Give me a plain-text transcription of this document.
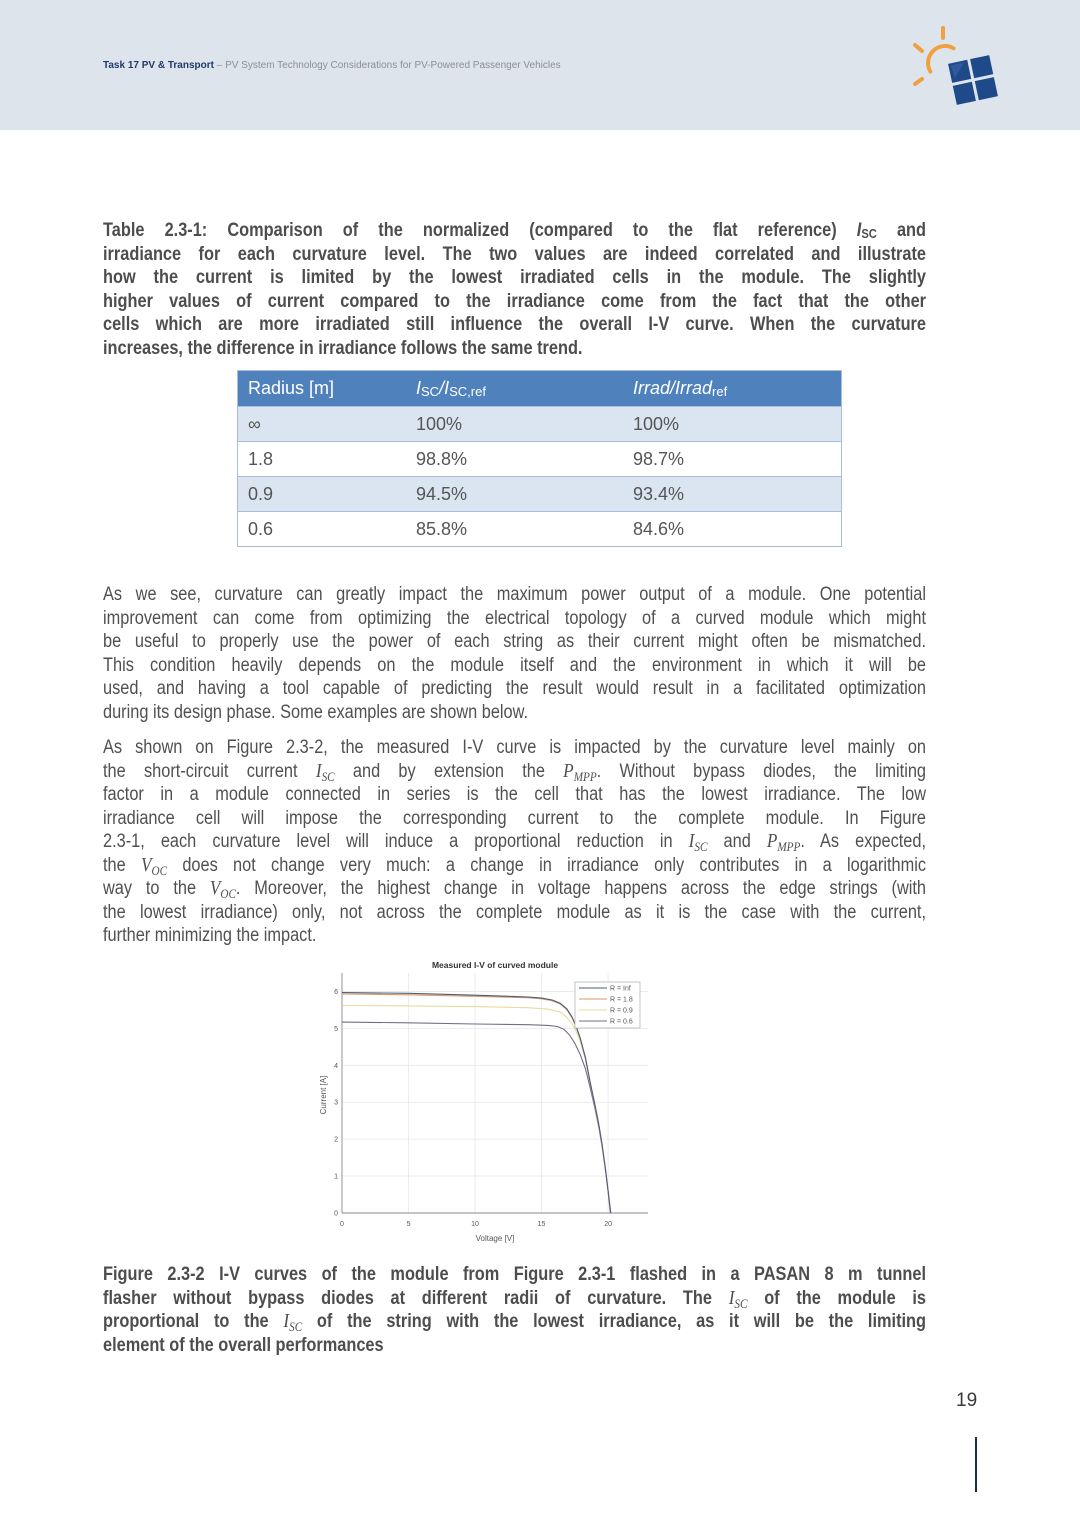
Task 17 PV & Transport – PV System Technology Considerations for PV-Powered Passenger Vehicles
Table 2.3-1: Comparison of the normalized (compared to the flat reference) $I_{SC}$ and
irradiance for each curvature level. The two values are indeed correlated and illustrate
how the current is limited by the lowest irradiated cells in the module. The slightly
higher values of current compared to the irradiance come from the fact that the other
cells which are more irradiated still influence the overall I-V curve. When the curvature
increases, the difference in irradiance follows the same trend.
Radius [m]	$I_{SC}/I_{SC,ref}$	Irrad/Irrad$_{ref}$
∞	100%	100%
1.8	98.8%	98.7%
0.9	94.5%	93.4%
0.6	85.8%	84.6%
As we see, curvature can greatly impact the maximum power output of a module. One potential
improvement can come from optimizing the electrical topology of a curved module which might
be useful to properly use the power of each string as their current might often be mismatched.
This condition heavily depends on the module itself and the environment in which it will be
used, and having a tool capable of predicting the result would result in a facilitated optimization
during its design phase. Some examples are shown below.
As shown on Figure 2.3-2, the measured I-V curve is impacted by the curvature level mainly on
the short-circuit current $I_{SC}$ and by extension the $P_{MPP}$. Without bypass diodes, the limiting
factor in a module connected in series is the cell that has the lowest irradiance. The low
irradiance cell will impose the corresponding current to the complete module. In Figure
2.3-1, each curvature level will induce a proportional reduction in $I_{SC}$ and $P_{MPP}$. As expected,
the $V_{OC}$ does not change very much: a change in irradiance only contributes in a logarithmic
way to the $V_{OC}$. Moreover, the highest change in voltage happens across the edge strings (with
the lowest irradiance) only, not across the complete module as it is the case with the current,
further minimizing the impact.
0
1
2
3
4
5
6
0	5	10	15	20
Measured I-V of curved module
Voltage [V]
Current [A]
R = Inf
R = 1.8
R = 0.9
R = 0.6
Figure 2.3-2 I-V curves of the module from Figure 2.3-1 flashed in a PASAN 8 m tunnel
flasher without bypass diodes at different radii of curvature. The $I_{SC}$ of the module is
proportional to the $I_{SC}$ of the string with the lowest irradiance, as it will be the limiting
element of the overall performances
19
